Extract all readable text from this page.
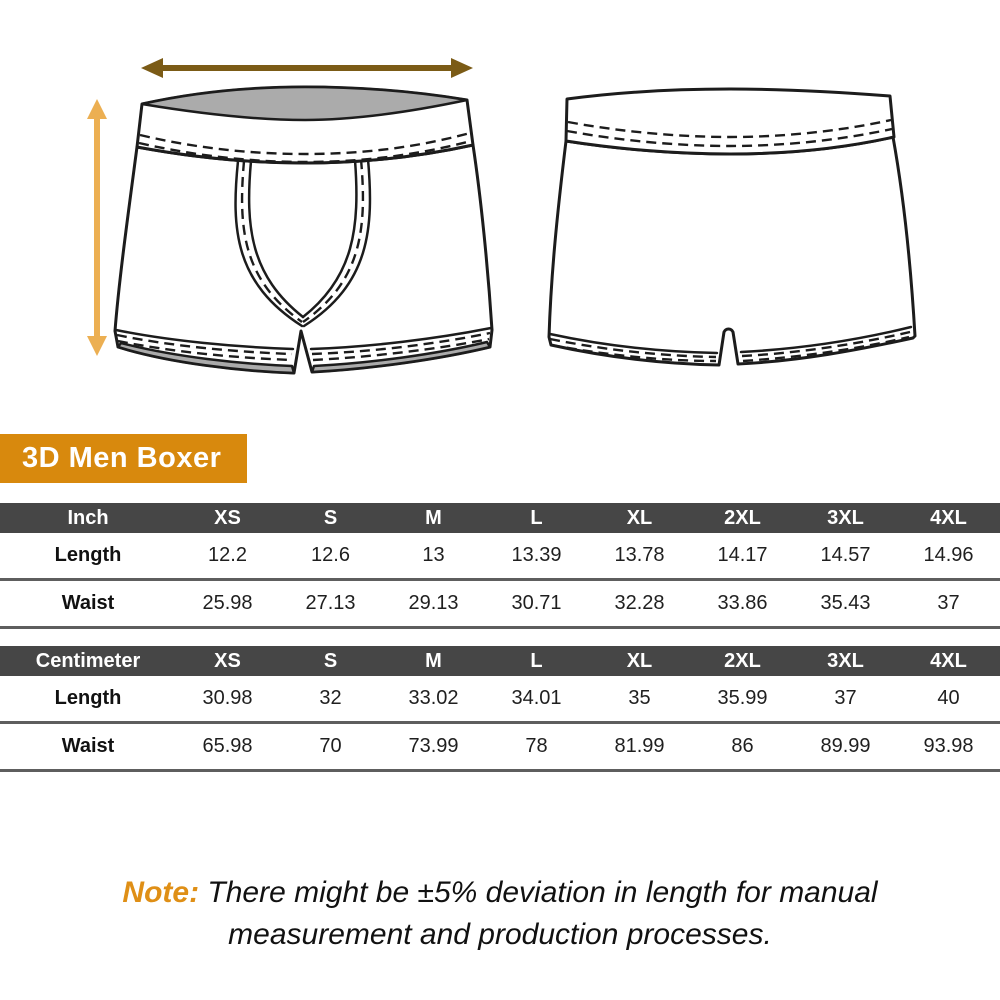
3D Men Boxer
Inch	XS	S	M	L	XL	2XL	3XL	4XL
Length	12.2	12.6	13	13.39	13.78	14.17	14.57	14.96
Waist	25.98	27.13	29.13	30.71	32.28	33.86	35.43	37
Centimeter	XS	S	M	L	XL	2XL	3XL	4XL
Length	30.98	32	33.02	34.01	35	35.99	37	40
Waist	65.98	70	73.99	78	81.99	86	89.99	93.98
Note: There might be ±5% deviation in length for manual
measurement and production processes.
